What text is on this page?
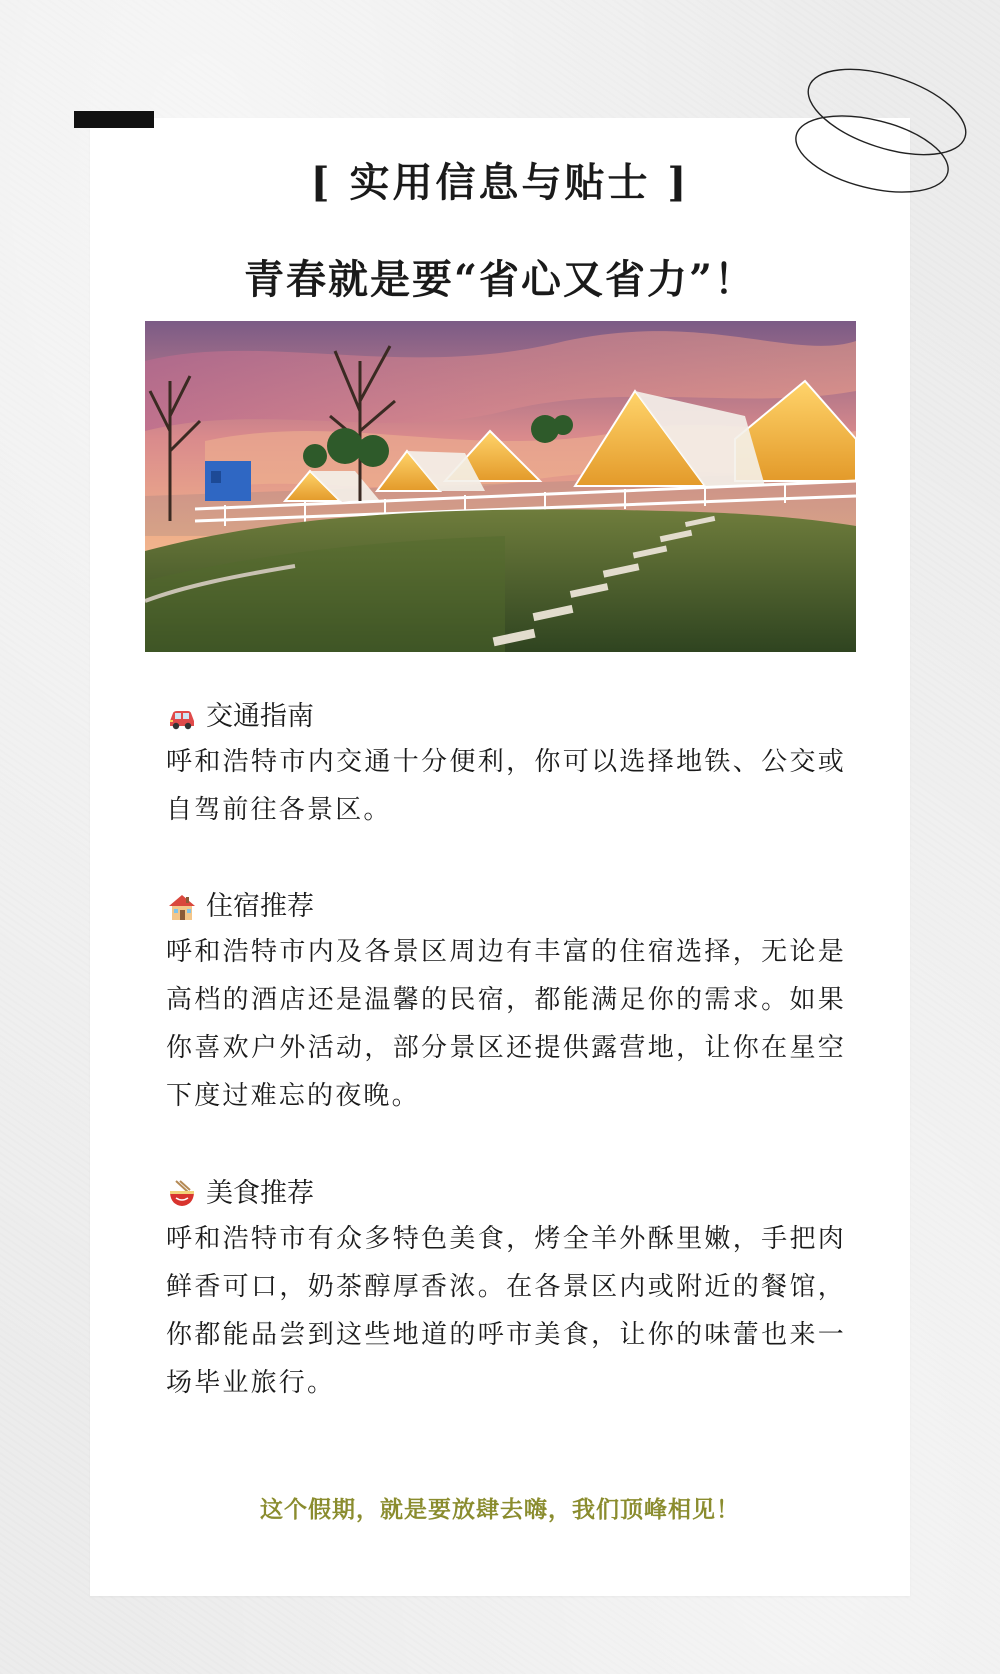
[ 实用信息与贴士 ]
青春就是要“省心又省力”！
交通指南
呼和浩特市内交通十分便利，你可以选择地铁、公交或自驾前往各景区。
住宿推荐
呼和浩特市内及各景区周边有丰富的住宿选择，无论是高档的酒店还是温馨的民宿，都能满足你的需求。如果你喜欢户外活动，部分景区还提供露营地，让你在星空下度过难忘的夜晚。
美食推荐
呼和浩特市有众多特色美食，烤全羊外酥里嫩，手把肉鲜香可口，奶茶醇厚香浓。在各景区内或附近的餐馆，你都能品尝到这些地道的呼市美食，让你的味蕾也来一场毕业旅行。
这个假期，就是要放肆去嗨，我们顶峰相见！
